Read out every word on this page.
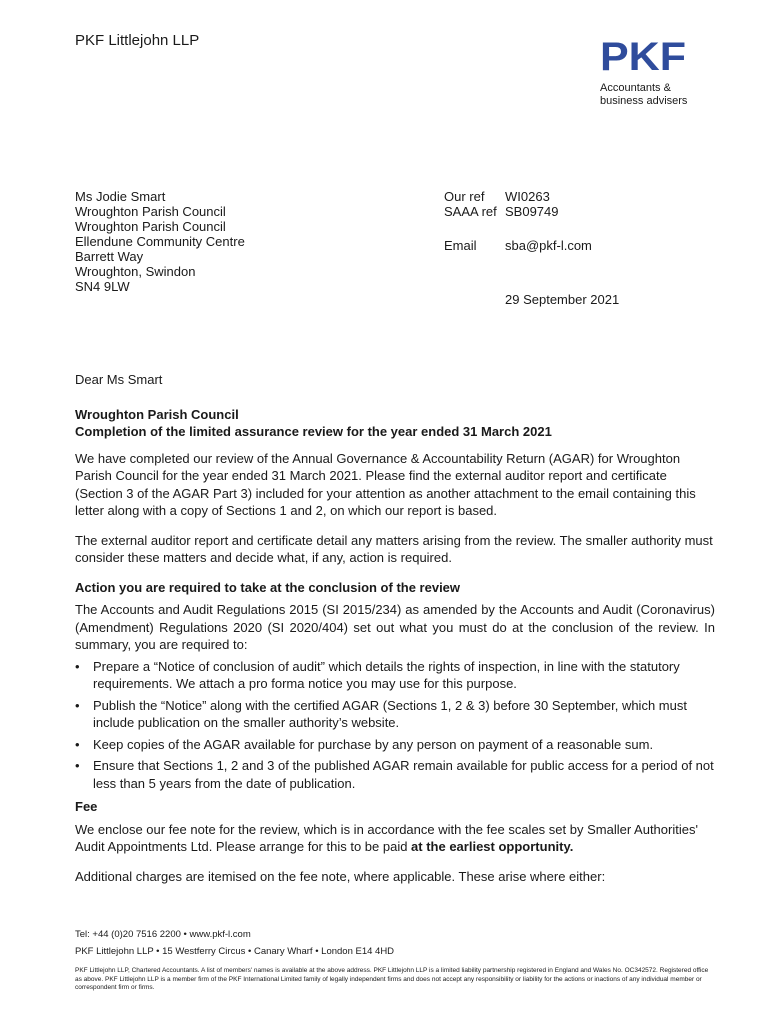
PKF Littlejohn LLP	PKF
Accountants &
business advisers
Ms Jodie Smart
Wroughton Parish Council
Wroughton Parish Council
Ellendune Community Centre
Barrett Way
Wroughton, Swindon
SN4 9LW
Our ref	WI0263
SAAA ref SB09749
Email	sba@pkf-l.com
29 September 2021

Dear Ms Smart

Wroughton Parish Council
Completion of the limited assurance review for the year ended 31 March 2021

We have completed our review of the Annual Governance & Accountability Return (AGAR) for Wroughton Parish Council for the year ended 31 March 2021. Please find the external auditor report and certificate (Section 3 of the AGAR Part 3) included for your attention as another attachment to the email containing this letter along with a copy of Sections 1 and 2, on which our report is based.

The external auditor report and certificate detail any matters arising from the review. The smaller authority must consider these matters and decide what, if any, action is required.

Action you are required to take at the conclusion of the review

The Accounts and Audit Regulations 2015 (SI 2015/234) as amended by the Accounts and Audit (Coronavirus) (Amendment) Regulations 2020 (SI 2020/404) set out what you must do at the conclusion of the review. In summary, you are required to:

• Prepare a “Notice of conclusion of audit” which details the rights of inspection, in line with the statutory requirements. We attach a pro forma notice you may use for this purpose.
• Publish the “Notice” along with the certified AGAR (Sections 1, 2 & 3) before 30 September, which must include publication on the smaller authority’s website.
• Keep copies of the AGAR available for purchase by any person on payment of a reasonable sum.
• Ensure that Sections 1, 2 and 3 of the published AGAR remain available for public access for a period of not less than 5 years from the date of publication.

Fee

We enclose our fee note for the review, which is in accordance with the fee scales set by Smaller Authorities' Audit Appointments Ltd. Please arrange for this to be paid at the earliest opportunity.

Additional charges are itemised on the fee note, where applicable. These arise where either:

Tel: +44 (0)20 7516 2200 • www.pkf-l.com
PKF Littlejohn LLP • 15 Westferry Circus • Canary Wharf • London E14 4HD
PKF Littlejohn LLP, Chartered Accountants. A list of members' names is available at the above address. PKF Littlejohn LLP is a limited liability partnership registered in England and Wales No. OC342572. Registered office as above. PKF Littlejohn LLP is a member firm of the PKF International Limited family of legally independent firms and does not accept any responsibility or liability for the actions or inactions of any individual member or correspondent firm or firms.
